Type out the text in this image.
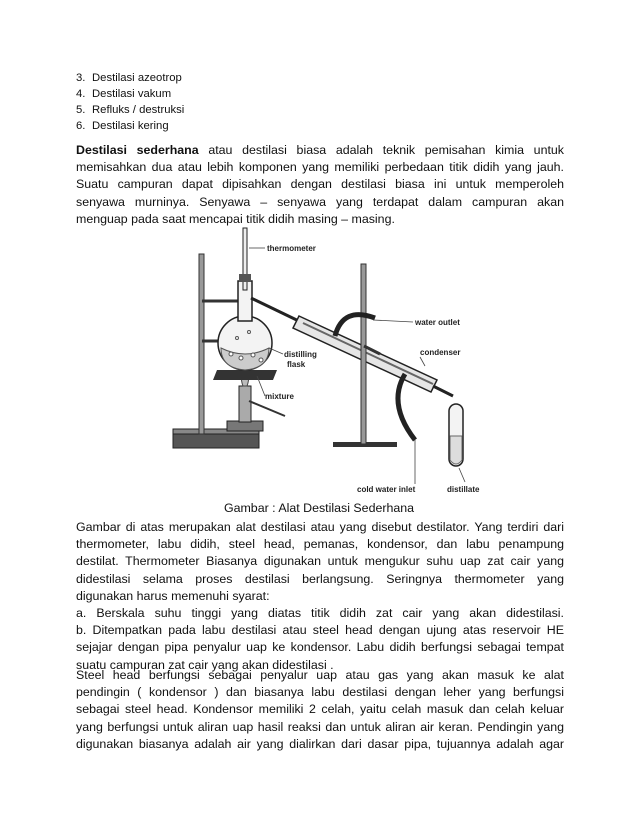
3. Destilasi azeotrop
4. Destilasi vakum
5. Refluks / destruksi
6. Destilasi kering
Destilasi sederhana atau destilasi biasa adalah teknik pemisahan kimia untuk
memisahkan dua atau lebih komponen yang memiliki perbedaan titik didih yang jauh.
Suatu campuran dapat dipisahkan dengan destilasi biasa ini untuk memperoleh
senyawa murninya. Senyawa – senyawa yang terdapat dalam campuran akan
menguap pada saat mencapai titik didih masing – masing.
thermometer
water outlet
distilling
flask
condenser
mixture
cold water inlet	distillate
Gambar : Alat Destilasi Sederhana
Gambar di atas merupakan alat destilasi atau yang disebut destilator. Yang terdiri dari
thermometer, labu didih, steel head, pemanas, kondensor, dan labu penampung
destilat. Thermometer Biasanya digunakan untuk mengukur suhu uap zat cair yang
didestilasi selama proses destilasi berlangsung. Seringnya thermometer yang
digunakan harus memenuhi syarat:
a. Berskala suhu tinggi yang diatas titik didih zat cair yang akan didestilasi.
b. Ditempatkan pada labu destilasi atau steel head dengan ujung atas reservoir HE
sejajar dengan pipa penyalur uap ke kondensor. Labu didih berfungsi sebagai tempat
suatu campuran zat cair yang akan didestilasi .
Steel head berfungsi sebagai penyalur uap atau gas yang akan masuk ke alat
pendingin ( kondensor ) dan biasanya labu destilasi dengan leher yang berfungsi
sebagai steel head. Kondensor memiliki 2 celah, yaitu celah masuk dan celah keluar
yang berfungsi untuk aliran uap hasil reaksi dan untuk aliran air keran. Pendingin yang
digunakan biasanya adalah air yang dialirkan dari dasar pipa, tujuannya adalah agar
